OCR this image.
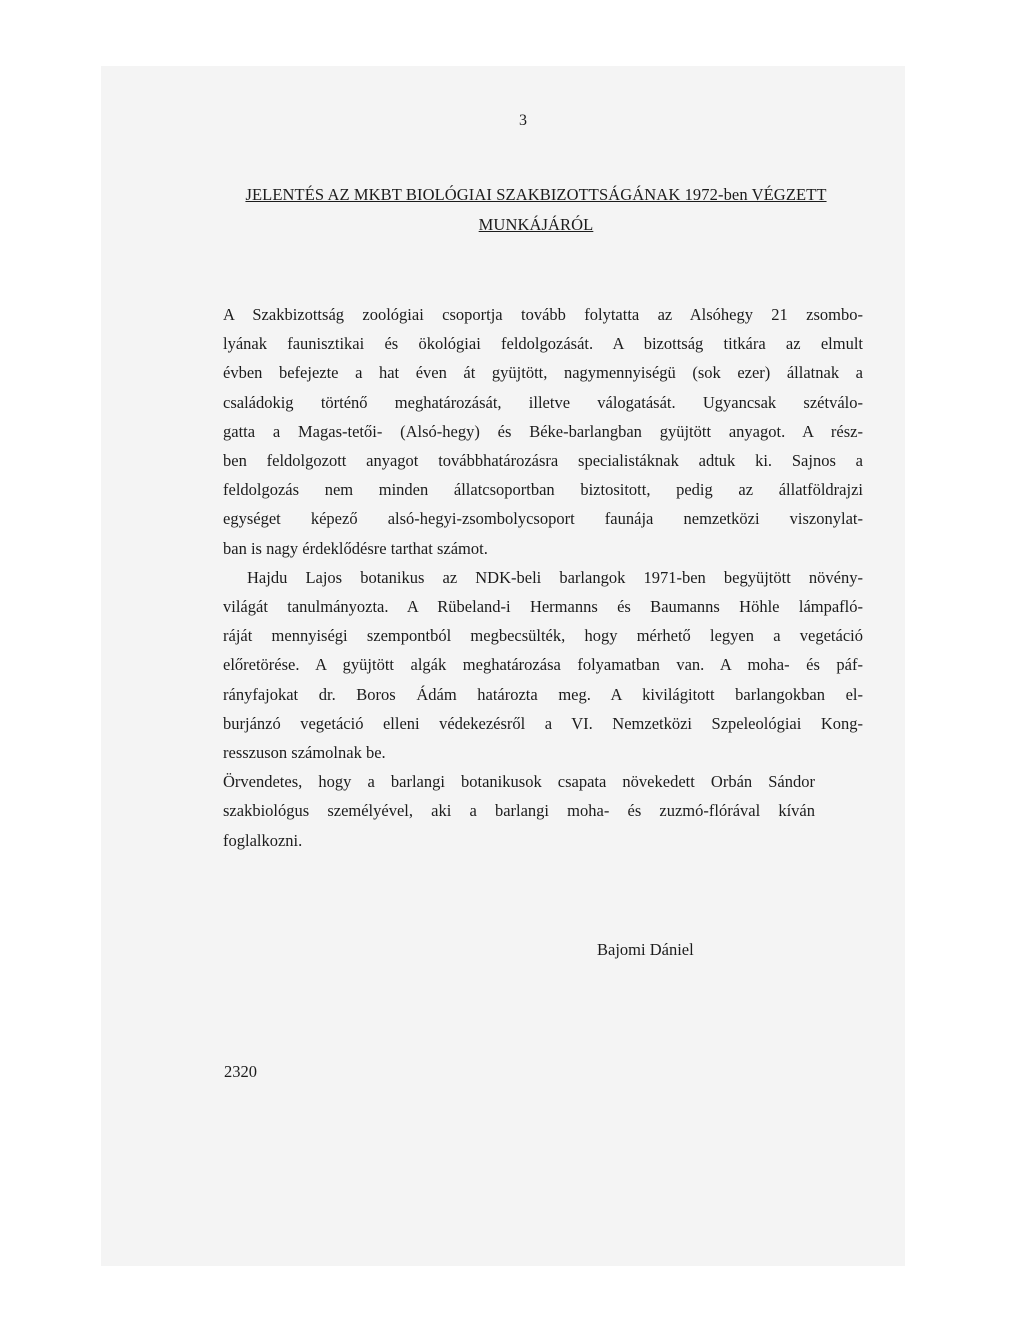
3
JELENTÉS AZ MKBT BIOLÓGIAI SZAKBIZOTTSÁGÁNAK 1972-ben VÉGZETT
MUNKÁJÁRÓL
A Szakbizottság zoológiai csoportja tovább folytatta az Alsóhegy 21 zsombo-
lyának faunisztikai és ökológiai feldolgozását. A bizottság titkára az elmult
évben befejezte a hat éven át gyüjtött, nagymennyiségü (sok ezer) állatnak a
családokig történő meghatározását, illetve válogatását. Ugyancsak szétválo-
gatta a Magas-tetői- (Alsó-hegy) és Béke-barlangban gyüjtött anyagot. A rész-
ben feldolgozott anyagot továbbhatározásra specialistáknak adtuk ki. Sajnos a
feldolgozás nem minden állatcsoportban biztositott, pedig az állatföldrajzi
egységet képező alsó-hegyi-zsombolycsoport faunája nemzetközi viszonylat-
ban is nagy érdeklődésre tarthat számot.
Hajdu Lajos botanikus az NDK-beli barlangok 1971-ben begyüjtött növény-
világát tanulmányozta. A Rübeland-i Hermanns és Baumanns Höhle lámpafló-
ráját mennyiségi szempontból megbecsülték, hogy mérhető legyen a vegetáció
előretörése. A gyüjtött algák meghatározása folyamatban van. A moha- és páf-
rányfajokat dr. Boros Ádám határozta meg. A kivilágitott barlangokban el-
burjánzó vegetáció elleni védekezésről a VI. Nemzetközi Szpeleológiai Kong-
resszuson számolnak be.
Örvendetes, hogy a barlangi botanikusok csapata növekedett Orbán Sándor
szakbiológus személyével, aki a barlangi moha- és zuzmó-flórával kíván
foglalkozni.
Bajomi Dániel
2320
